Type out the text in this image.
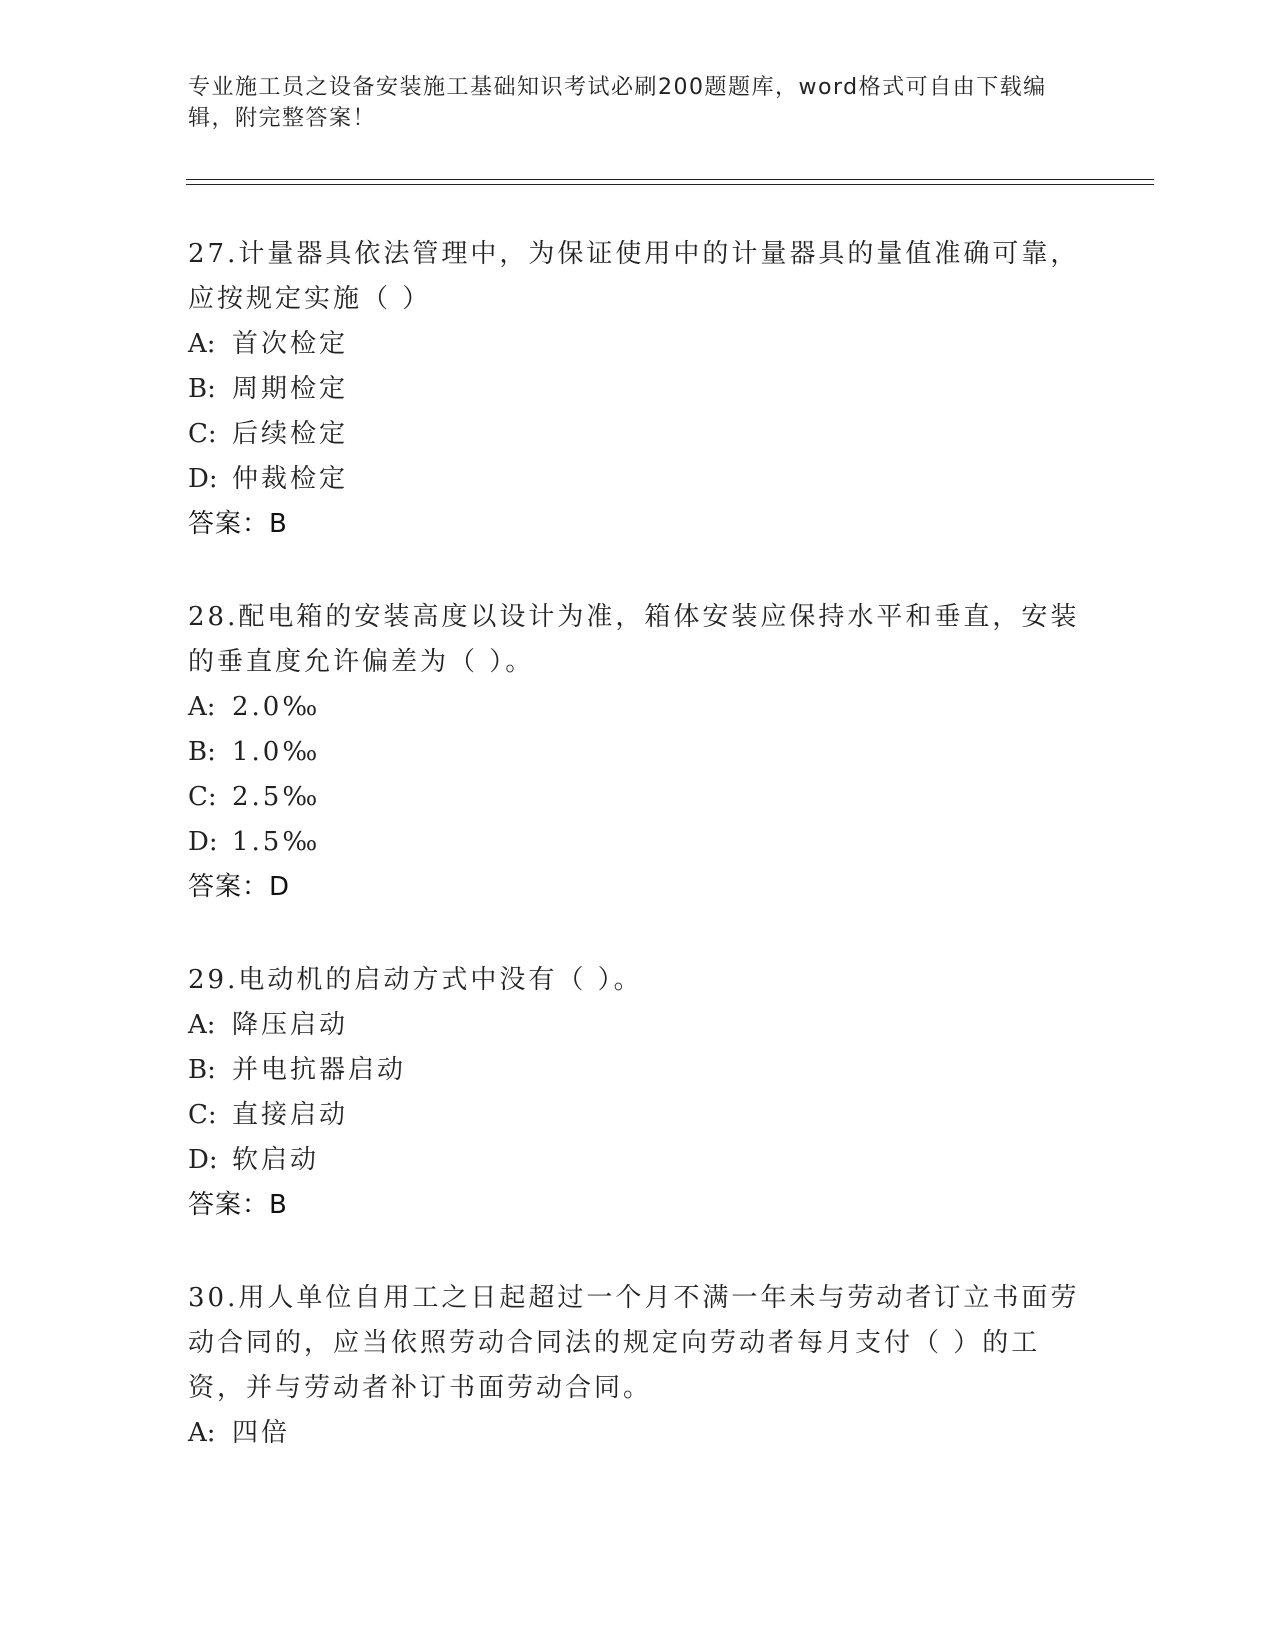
专业施工员之设备安装施工基础知识考试必刷200题题库，word格式可自由下载编辑，附完整答案！

27.计量器具依法管理中，为保证使用中的计量器具的量值准确可靠，应按规定实施（ ）

A: 首次检定

B: 周期检定

C: 后续检定

D: 仲裁检定

答案：B

28.配电箱的安装高度以设计为准，箱体安装应保持水平和垂直，安装的垂直度允许偏差为（ ）。

A: 2.0‰

B: 1.0‰

C: 2.5‰

D: 1.5‰

答案：D

29.电动机的启动方式中没有（ ）。

A: 降压启动

B: 并电抗器启动

C: 直接启动

D: 软启动

答案：B

30.用人单位自用工之日起超过一个月不满一年未与劳动者订立书面劳动合同的，应当依照劳动合同法的规定向劳动者每月支付（ ）的工资，并与劳动者补订书面劳动合同。

A: 四倍
